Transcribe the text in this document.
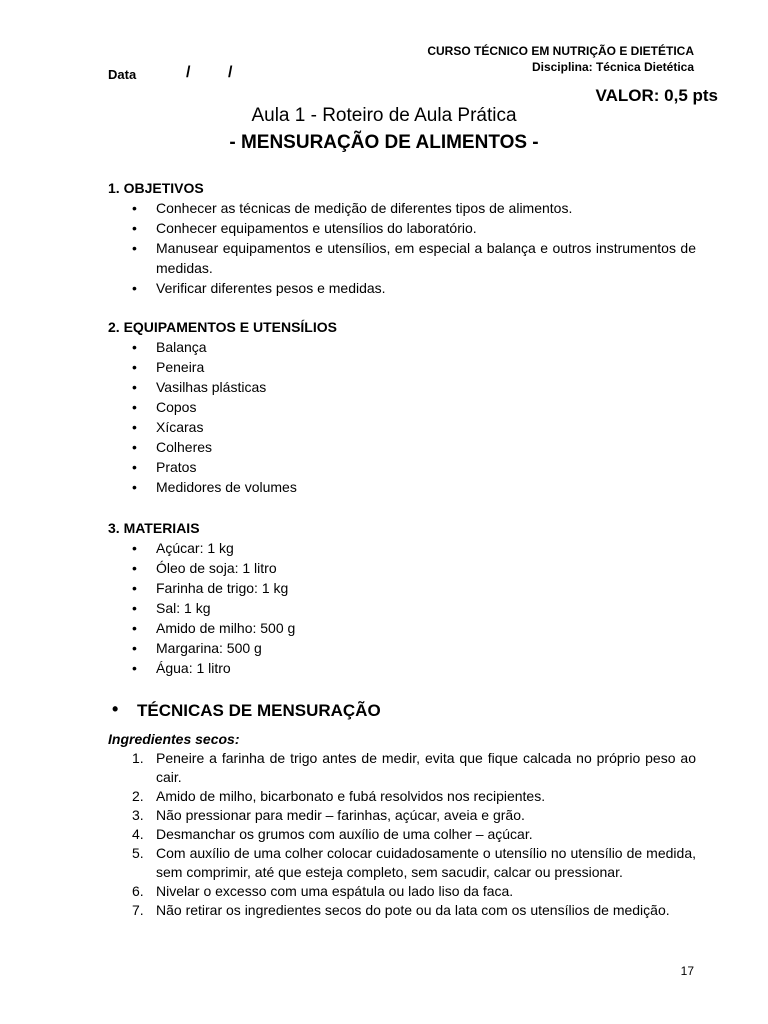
CURSO TÉCNICO EM NUTRIÇÃO E DIETÉTICA
Disciplina: Técnica Dietética
Data	/ /
VALOR: 0,5 pts
Aula 1 - Roteiro de Aula Prática
- MENSURAÇÃO DE ALIMENTOS -
1. OBJETIVOS
• Conhecer as técnicas de medição de diferentes tipos de alimentos.
• Conhecer equipamentos e utensílios do laboratório.
• Manusear equipamentos e utensílios, em especial a balança e outros instrumentos de medidas.
• Verificar diferentes pesos e medidas.
2. EQUIPAMENTOS E UTENSÍLIOS
• Balança
• Peneira
• Vasilhas plásticas
• Copos
• Xícaras
• Colheres
• Pratos
• Medidores de volumes
3. MATERIAIS
• Açúcar: 1 kg
• Óleo de soja: 1 litro
• Farinha de trigo: 1 kg
• Sal: 1 kg
• Amido de milho: 500 g
• Margarina: 500 g
• Água: 1 litro
• TÉCNICAS DE MENSURAÇÃO
Ingredientes secos:
1. Peneire a farinha de trigo antes de medir, evita que fique calcada no próprio peso ao cair.
2. Amido de milho, bicarbonato e fubá resolvidos nos recipientes.
3. Não pressionar para medir – farinhas, açúcar, aveia e grão.
4. Desmanchar os grumos com auxílio de uma colher – açúcar.
5. Com auxílio de uma colher colocar cuidadosamente o utensílio no utensílio de medida, sem comprimir, até que esteja completo, sem sacudir, calcar ou pressionar.
6. Nivelar o excesso com uma espátula ou lado liso da faca.
7. Não retirar os ingredientes secos do pote ou da lata com os utensílios de medição.
17
